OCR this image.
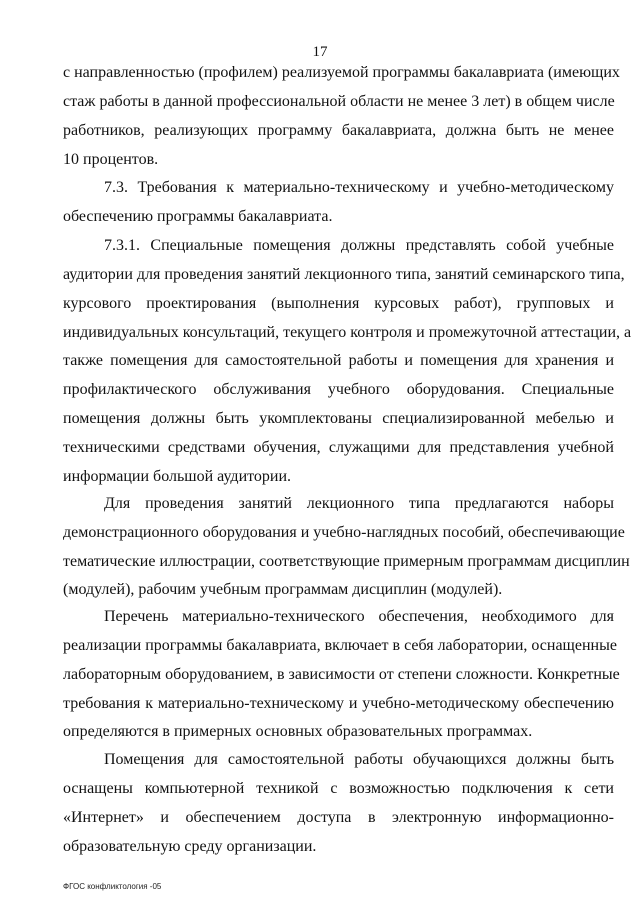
17
с направленностью (профилем) реализуемой программы бакалавриата (имеющих
стаж работы в данной профессиональной области не менее 3 лет) в общем числе
работников, реализующих программу бакалавриата, должна быть не менее
10 процентов.
7.3. Требования к материально-техническому и учебно-методическому
обеспечению программы бакалавриата.
7.3.1. Специальные помещения должны представлять собой учебные
аудитории для проведения занятий лекционного типа, занятий семинарского типа,
курсового проектирования (выполнения курсовых работ), групповых и
индивидуальных консультаций, текущего контроля и промежуточной аттестации, а
также помещения для самостоятельной работы и помещения для хранения и
профилактического обслуживания учебного оборудования. Специальные
помещения должны быть укомплектованы специализированной мебелью и
техническими средствами обучения, служащими для представления учебной
информации большой аудитории.
Для проведения занятий лекционного типа предлагаются наборы
демонстрационного оборудования и учебно-наглядных пособий, обеспечивающие
тематические иллюстрации, соответствующие примерным программам дисциплин
(модулей), рабочим учебным программам дисциплин (модулей).
Перечень материально-технического обеспечения, необходимого для
реализации программы бакалавриата, включает в себя лаборатории, оснащенные
лабораторным оборудованием, в зависимости от степени сложности. Конкретные
требования к материально-техническому и учебно-методическому обеспечению
определяются в примерных основных образовательных программах.
Помещения для самостоятельной работы обучающихся должны быть
оснащены компьютерной техникой с возможностью подключения к сети
«Интернет» и обеспечением доступа в электронную информационно-
образовательную среду организации.
ФГОС конфликтология -05
